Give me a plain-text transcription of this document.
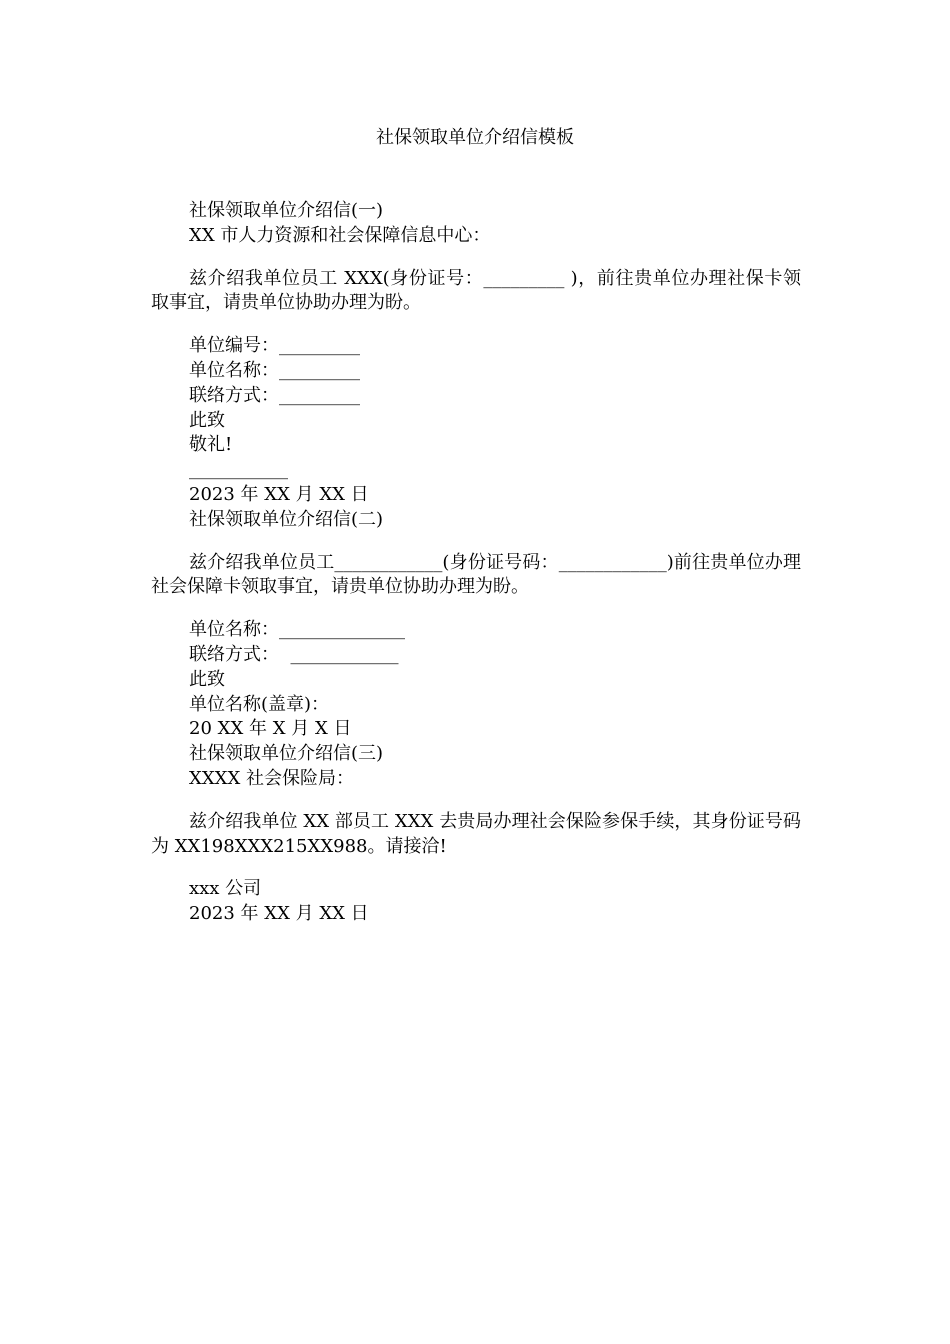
社保领取单位介绍信模板

社保领取单位介绍信(一)

XX 市人力资源和社会保障信息中心：

兹介绍我单位员工 XXX(身份证号：_________ )，前往贵单位办理社保卡领取事宜，请贵单位协助办理为盼。

单位编号：_________

单位名称：_________

联络方式：_________

此致

敬礼!

___________

2023 年 XX 月 XX 日

社保领取单位介绍信(二)

兹介绍我单位员工____________(身份证号码：____________)前往贵单位办理社会保障卡领取事宜，请贵单位协助办理为盼。

单位名称：______________

联络方式：  ____________

此致

单位名称(盖章)：

20 XX 年 X 月 X 日

社保领取单位介绍信(三)

XXXX 社会保险局：

兹介绍我单位 XX 部员工 XXX 去贵局办理社会保险参保手续，其身份证号码为 XX198XXX215XX988。请接洽!

xxx 公司

2023 年 XX 月 XX 日
